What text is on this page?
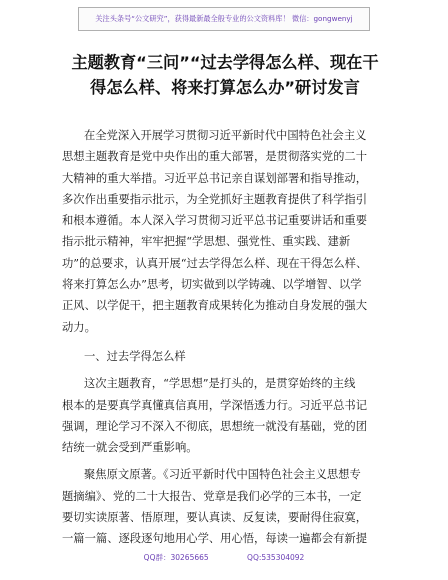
关注头条号“公文研究”，获得最新最全般专业的公文资料库！ 微信：gongwenyj
主题教育“三问”“过去学得怎么样、现在干
得怎么样、将来打算怎么办”研讨发言
在全党深入开展学习贯彻习近平新时代中国特色社会主义
思想主题教育是党中央作出的重大部署，是贯彻落实党的二十
大精神的重大举措。习近平总书记亲自谋划部署和指导推动，
多次作出重要指示批示，为全党抓好主题教育提供了科学指引
和根本遵循。本人深入学习贯彻习近平总书记重要讲话和重要
指示批示精神，牢牢把握“学思想、强党性、重实践、建新
功”的总要求，认真开展“过去学得怎么样、现在干得怎么样、
将来打算怎么办”思考，切实做到以学铸魂、以学增智、以学
正风、以学促干，把主题教育成果转化为推动自身发展的强大
动力。
一、过去学得怎么样
这次主题教育，“学思想”是打头的，是贯穿始终的主线
根本的是要真学真懂真信真用，学深悟透力行。习近平总书记
强调，理论学习不深入不彻底，思想统一就没有基础，党的团
结统一就会受到严重影响。
聚焦原文原著。《习近平新时代中国特色社会主义思想专
题摘编》、党的二十大报告、党章是我们必学的三本书，一定
要切实读原著、悟原理，要认真读、反复读，要耐得住寂寞，
一篇一篇、逐段逐句地用心学、用心悟，每读一遍都会有新提
QQ群：30265665	QQ:535304092
